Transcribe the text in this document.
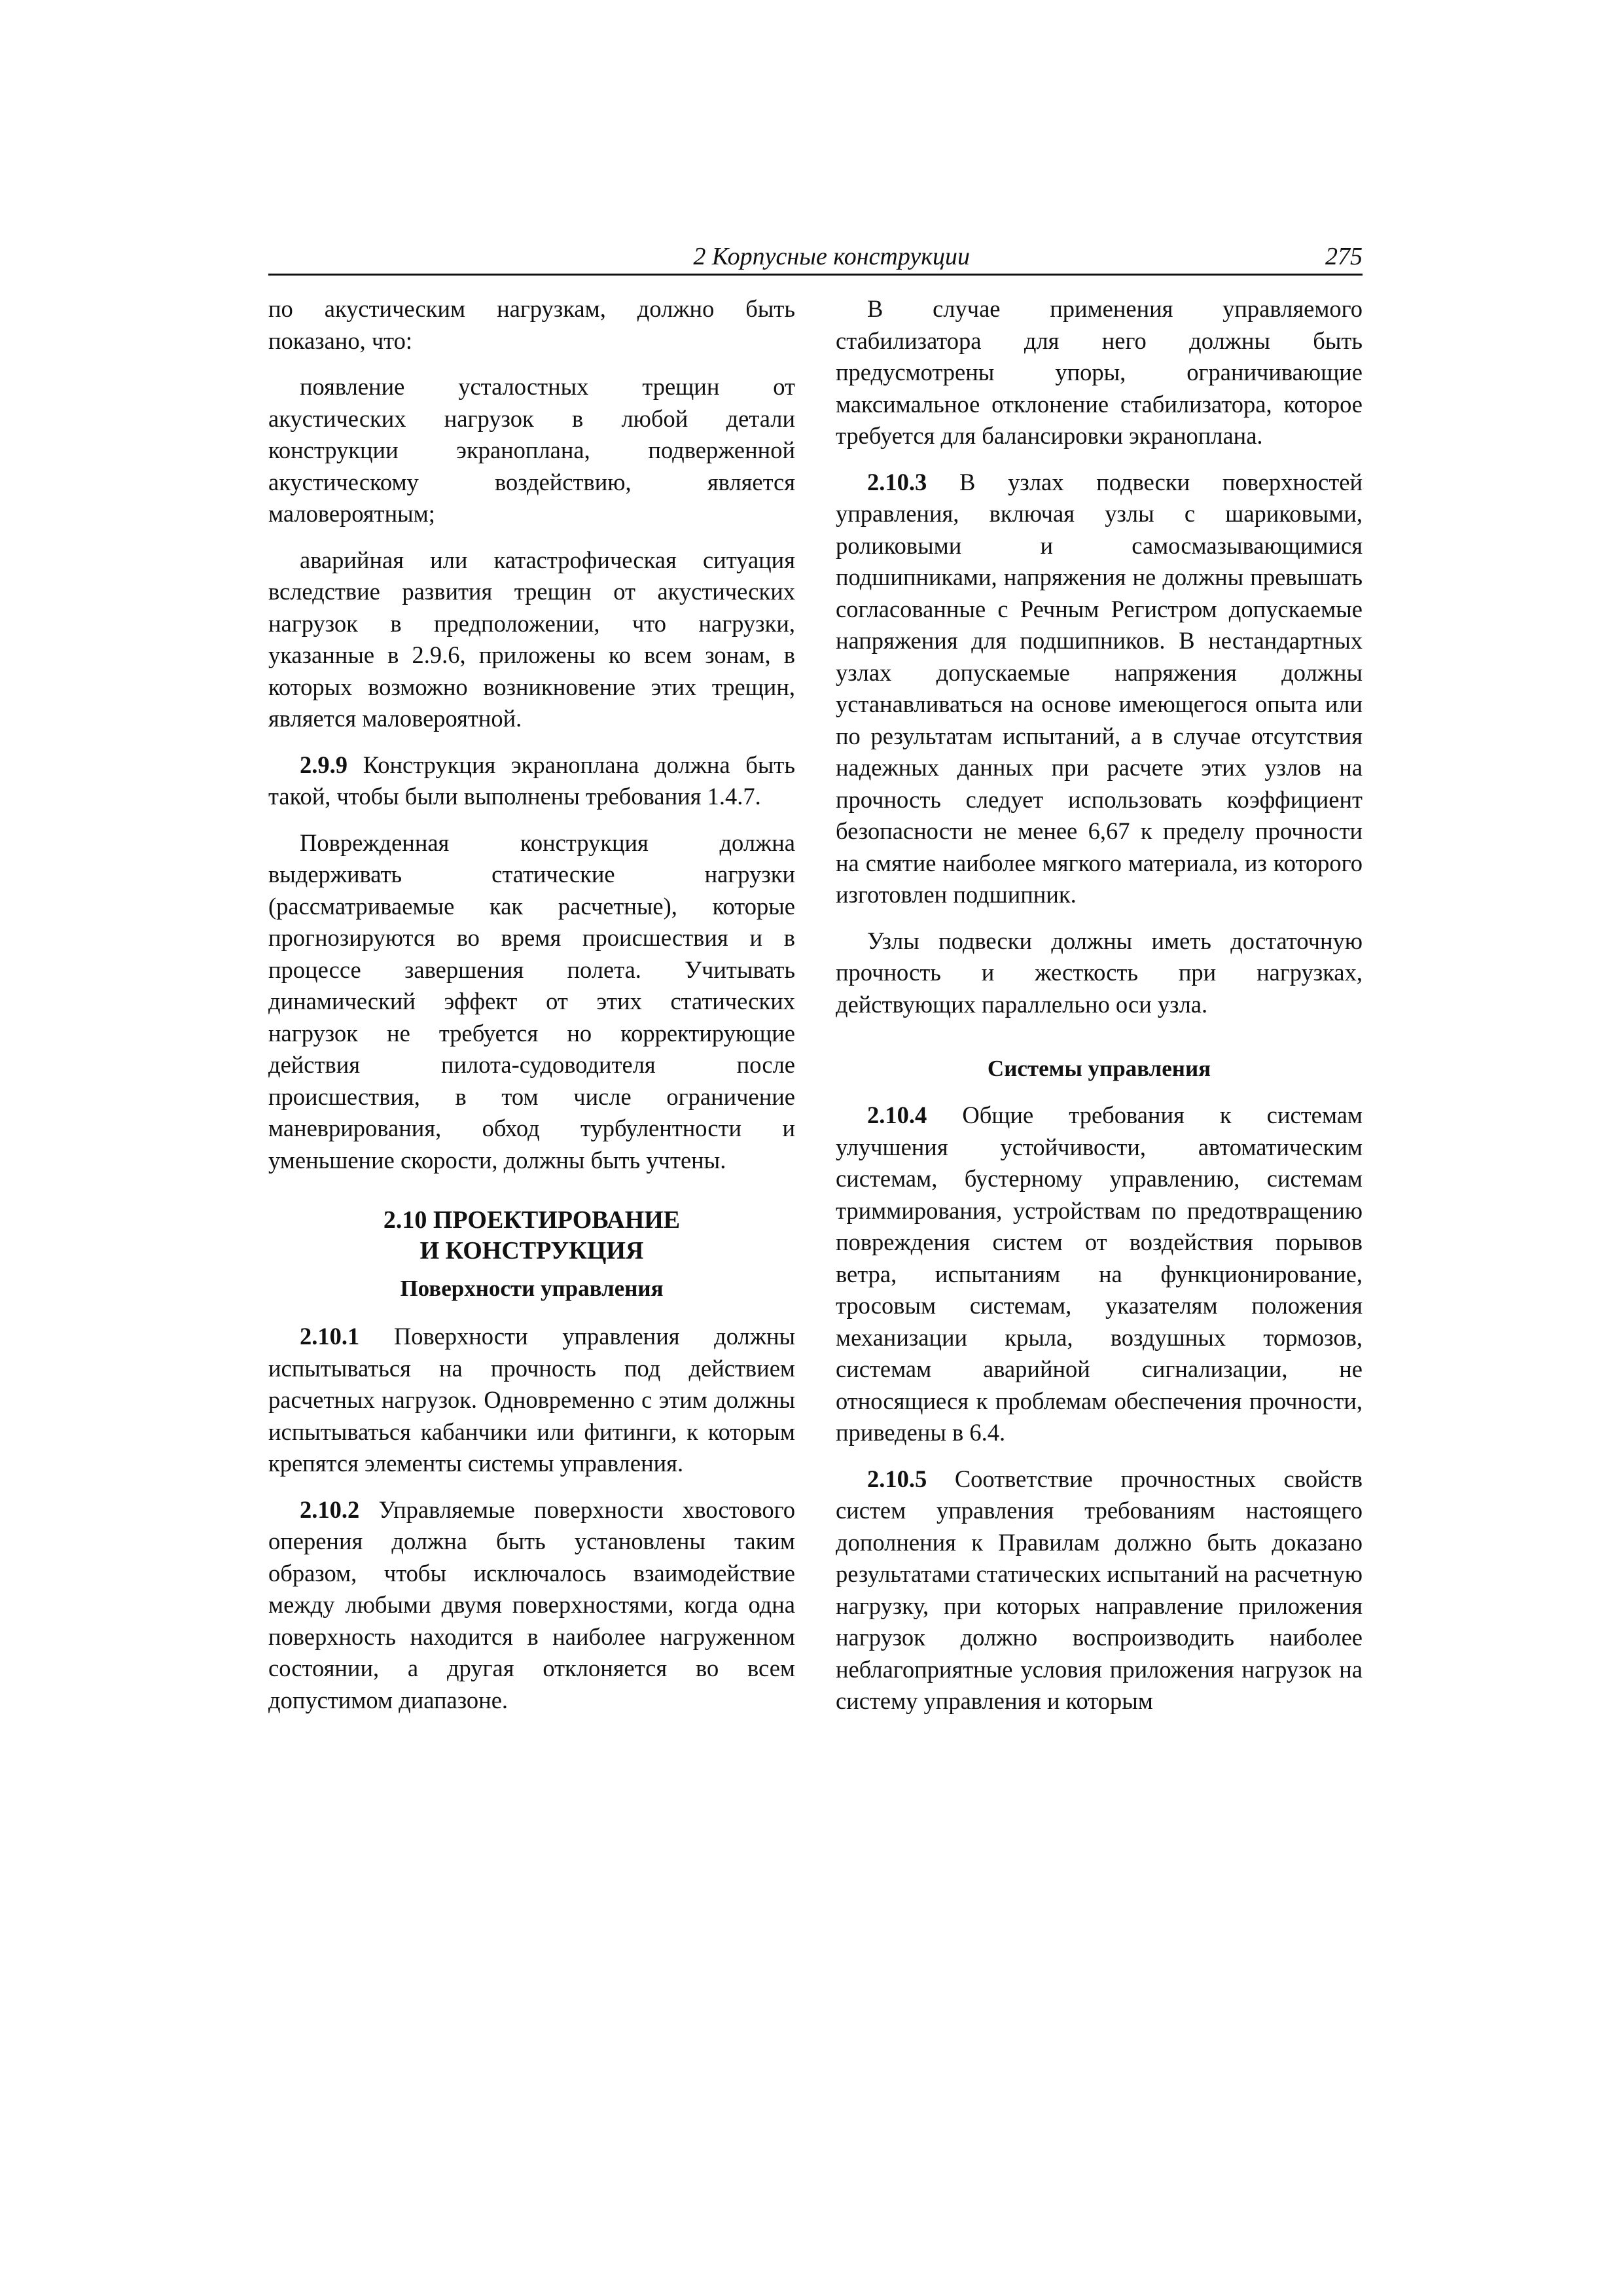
2 Корпусные конструкции	275

по акустическим нагрузкам, должно быть показано, что:

появление усталостных трещин от акустических нагрузок в любой детали конструкции экраноплана, подверженной акустическому воздействию, является маловероятным;

аварийная или катастрофическая ситуация вследствие развития трещин от акустических нагрузок в предположении, что нагрузки, указанные в 2.9.6, приложены ко всем зонам, в которых возможно возникновение этих трещин, является маловероятной.

2.9.9 Конструкция экраноплана должна быть такой, чтобы были выполнены требования 1.4.7.

Поврежденная конструкция должна выдерживать статические нагрузки (рассматриваемые как расчетные), которые прогнозируются во время происшествия и в процессе завершения полета. Учитывать динамический эффект от этих статических нагрузок не требуется но корректирующие действия пилота-судоводителя после происшествия, в том числе ограничение маневрирования, обход турбулентности и уменьшение скорости, должны быть учтены.

2.10 ПРОЕКТИРОВАНИЕ
И КОНСТРУКЦИЯ
Поверхности управления

2.10.1 Поверхности управления должны испытываться на прочность под действием расчетных нагрузок. Одновременно с этим должны испытываться кабанчики или фитинги, к которым крепятся элементы системы управления.

2.10.2 Управляемые поверхности хвостового оперения должна быть установлены таким образом, чтобы исключалось взаимодействие между любыми двумя поверхностями, когда одна поверхность находится в наиболее нагруженном состоянии, а другая отклоняется во всем допустимом диапазоне.

В случае применения управляемого стабилизатора для него должны быть предусмотрены упоры, ограничивающие максимальное отклонение стабилизатора, которое требуется для балансировки экраноплана.

2.10.3 В узлах подвески поверхностей управления, включая узлы с шариковыми, роликовыми и самосмазывающимися подшипниками, напряжения не должны превышать согласованные с Речным Регистром допускаемые напряжения для подшипников. В нестандартных узлах допускаемые напряжения должны устанавливаться на основе имеющегося опыта или по результатам испытаний, а в случае отсутствия надежных данных при расчете этих узлов на прочность следует использовать коэффициент безопасности не менее 6,67 к пределу прочности на смятие наиболее мягкого материала, из которого изготовлен подшипник.

Узлы подвески должны иметь достаточную прочность и жесткость при нагрузках, действующих параллельно оси узла.

Системы управления

2.10.4 Общие требования к системам улучшения устойчивости, автоматическим системам, бустерному управлению, системам триммирования, устройствам по предотвращению повреждения систем от воздействия порывов ветра, испытаниям на функционирование, тросовым системам, указателям положения механизации крыла, воздушных тормозов, системам аварийной сигнализации, не относящиеся к проблемам обеспечения прочности, приведены в 6.4.

2.10.5 Соответствие прочностных свойств систем управления требованиям настоящего дополнения к Правилам должно быть доказано результатами статических испытаний на расчетную нагрузку, при которых направление приложения нагрузок должно воспроизводить наиболее неблагоприятные условия приложения нагрузок на систему управления и которым
